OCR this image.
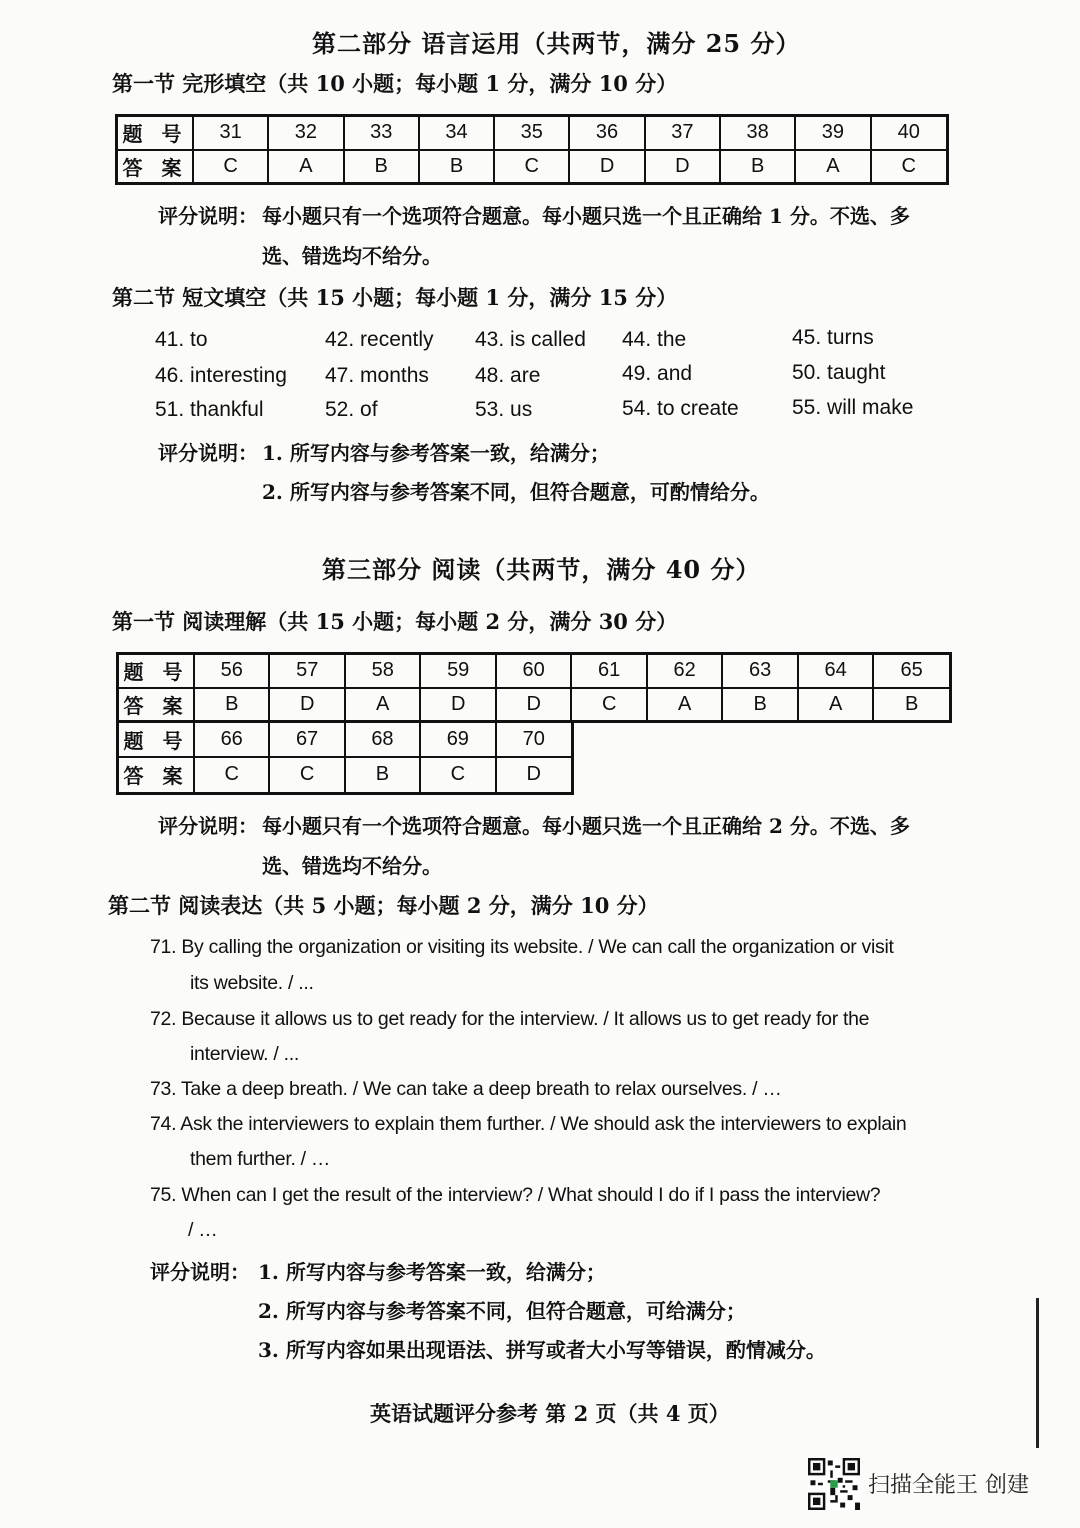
第二部分 语言运用（共两节，满分 25 分）
第一节 完形填空（共 10 小题；每小题 1 分，满分 10 分）
题 号	31	32	33	34	35	36	37	38	39	40
答 案	C	A	B	B	C	D	D	B	A	C
评分说明： 每小题只有一个选项符合题意。每小题只选一个且正确给 1 分。不选、多
选、错选均不给分。
第二节 短文填空（共 15 小题；每小题 1 分，满分 15 分）
41. to	42. recently 43. is called 44. the	45. turns
46. interesting 47. months 48. are	49. and	50. taught
51. thankful	52. of	53. us	54. to create	55. will make
评分说明： 1. 所写内容与参考答案一致，给满分；
2. 所写内容与参考答案不同，但符合题意，可酌情给分。
第三部分 阅读（共两节，满分 40 分）
第一节 阅读理解（共 15 小题；每小题 2 分，满分 30 分）
题 号	56	57	58	59	60	61	62	63	64	65
答 案	B	D	A	D	D	C	A	B	A	B
题 号	66	67	68	69	70
答 案	C	C	B	C	D
评分说明： 每小题只有一个选项符合题意。每小题只选一个且正确给 2 分。不选、多
选、错选均不给分。
第二节 阅读表达（共 5 小题；每小题 2 分，满分 10 分）
71. By calling the organization or visiting its website. / We can call the organization or visit
its website. / ...
72. Because it allows us to get ready for the interview. / It allows us to get ready for the
interview. / ...
73. Take a deep breath. / We can take a deep breath to relax ourselves. / …
74. Ask the interviewers to explain them further. / We should ask the interviewers to explain
them further. / …
75. When can I get the result of the interview? / What should I do if I pass the interview?
/ …
评分说明： 1. 所写内容与参考答案一致，给满分；
2. 所写内容与参考答案不同，但符合题意，可给满分；
3. 所写内容如果出现语法、拼写或者大小写等错误，酌情减分。
英语试题评分参考 第 2 页（共 4 页）
扫描全能王 创建
